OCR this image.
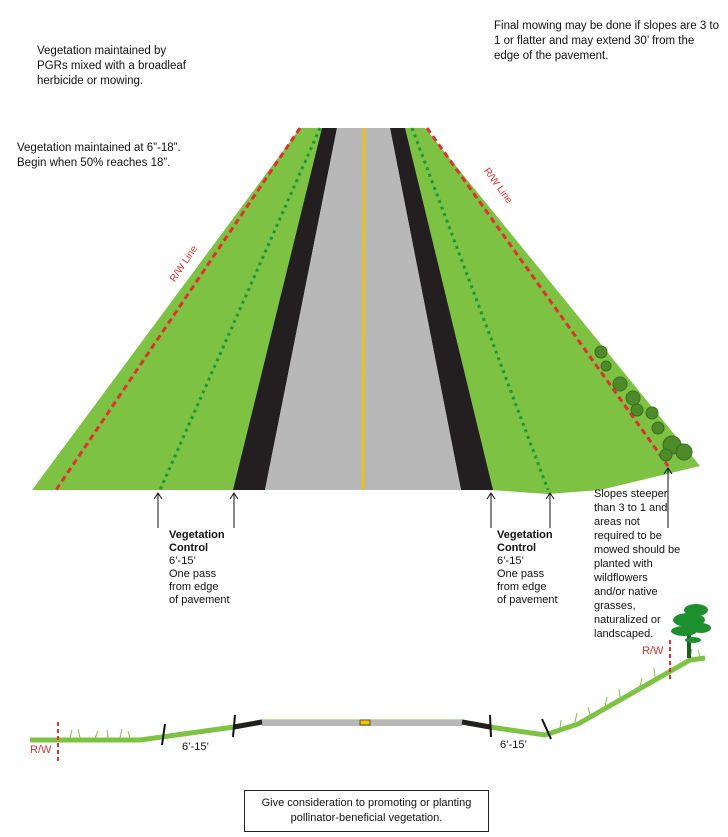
Vegetation maintained by PGRs mixed with a broadleaf herbicide or mowing.
Vegetation maintained at 6”-18”. Begin when 50% reaches 18”.
Final mowing may be done if slopes are 3 to 1 or flatter and may extend 30’ from the edge of the pavement.
Slopes steeper than 3 to 1 and areas not required to be mowed should be planted with wildflowers and/or native grasses, naturalized or landscaped.
R/W Line
R/W Line
Vegetation
Control
6’-15’
One pass
from edge
of pavement
Vegetation
Control
6’-15’
One pass
from edge
of pavement
R/W
R/W
6’-15’	6’-15’
Give consideration to promoting or planting pollinator-beneficial vegetation.
